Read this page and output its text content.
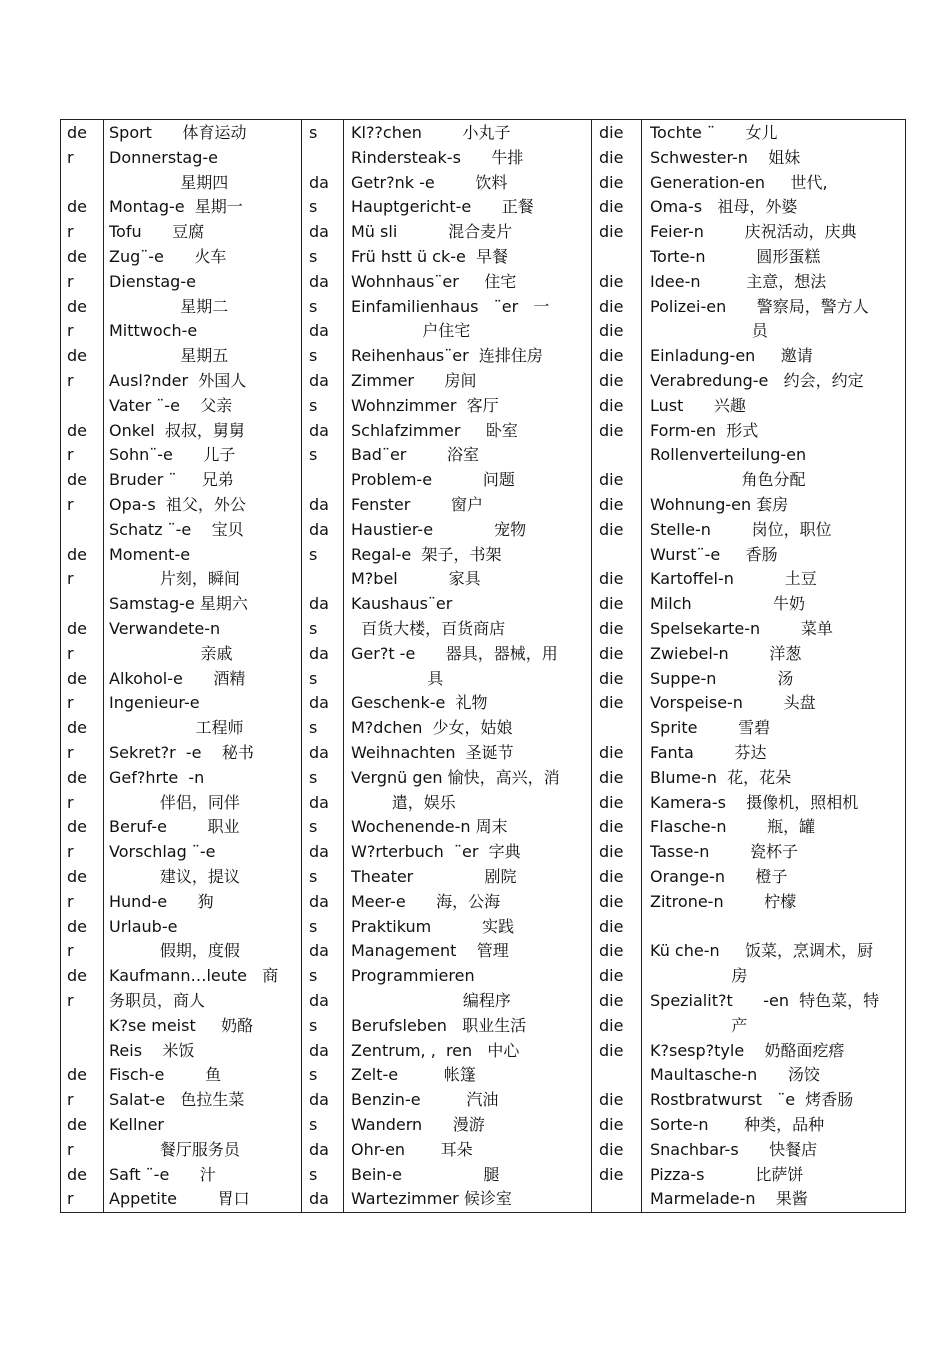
de
r
de
r
de
r
de
r
de
r
de
r
de
r
de
r
de
r
de
r
de
r
de
r
de
r
de
r
de
r
de
r
de
r
de
r
de
r
Sport      体育运动
Donnerstag-e
星期四
Montag-e  星期一
Tofu      豆腐
Zug¨-e      火车
Dienstag-e
星期二
Mittwoch-e
星期五
Ausl?nder  外国人
Vater ¨-e    父亲
Onkel  叔叔，舅舅
Sohn¨-e      儿子
Bruder ¨     兄弟
Opa-s  祖父，外公
Schatz ¨-e    宝贝
Moment-e
片刻，瞬间
Samstag-e 星期六
Verwandete-n
亲戚
Alkohol-e      酒精
Ingenieur-e
工程师
Sekret?r  -e    秘书
Gef?hrte  -n
伴侣，同伴
Beruf-e        职业
Vorschlag ¨-e
建议，提议
Hund-e      狗
Urlaub-e
假期，度假
Kaufmann…leute   商
务职员，商人
K?se meist     奶酪
Reis    米饭
Fisch-e        鱼
Salat-e   色拉生菜
Kellner
餐厅服务员
Saft ¨-e      汁
Appetite        胃口
s
da
s
da
s
da
s
da
s
da
s
da
s
da
da
s
da
s
da
s
da
s
da
s
da
s
da
s
da
s
da
s
da
s
da
s
da
s
da
s
da
Kl??chen        小丸子
Rindersteak-s      牛排
Getr?nk -e        饮料
Hauptgericht-e      正餐
Mü sli          混合麦片
Frü hstt ü ck-e  早餐
Wohnhaus¨er     住宅
Einfamilienhaus   ¨er   一
户住宅
Reihenhaus¨er  连排住房
Zimmer      房间
Wohnzimmer  客厅
Schlafzimmer     卧室
Bad¨er        浴室
Problem-e          问题
Fenster        窗户
Haustier-e            宠物
Regal-e  架子，书架
M?bel          家具
Kaushaus¨er
百货大楼，百货商店
Ger?t -e      器具，器械，用
具
Geschenk-e  礼物
M?dchen  少女，姑娘
Weihnachten  圣诞节
Vergnü gen 愉快，高兴，消
遣，娱乐
Wochenende-n 周末
W?rterbuch  ¨er  字典
Theater              剧院
Meer-e      海，公海
Praktikum          实践
Management    管理
Programmieren
编程序
Berufsleben   职业生活
Zentrum, ,  ren   中心
Zelt-e         帐篷
Benzin-e         汽油
Wandern      漫游
Ohr-en       耳朵
Bein-e                腿
Wartezimmer 候诊室
die
die
die
die
die
die
die
die
die
die
die
die
die
die
die
die
die
die
die
die
die
die
die
die
die
die
die
die
die
die
die
die
die
die
die
die
die
die
Tochte ¨      女儿
Schwester-n    姐妹
Generation-en     世代,
Oma-s   祖母，外婆
Feier-n        庆祝活动，庆典
Torte-n          圆形蛋糕
Idee-n         主意，想法
Polizei-en      警察局，警方人
员
Einladung-en     邀请
Verabredung-e   约会，约定
Lust      兴趣
Form-en  形式
Rollenverteilung-en
角色分配
Wohnung-en 套房
Stelle-n        岗位，职位
Wurst¨-e     香肠
Kartoffel-n          土豆
Milch                牛奶
Spelsekarte-n        菜单
Zwiebel-n        洋葱
Suppe-n            汤
Vorspeise-n        头盘
Sprite        雪碧
Fanta        芬达
Blume-n  花，花朵
Kamera-s    摄像机，照相机
Flasche-n        瓶，罐
Tasse-n        瓷杯子
Orange-n      橙子
Zitrone-n        柠檬
Kü che-n     饭菜，烹调术，厨
房
Spezialit?t      -en  特色菜，特
产
K?sesp?tyle    奶酪面疙瘩
Maultasche-n      汤饺
Rostbratwurst   ¨e  烤香肠
Sorte-n       种类，品种
Snachbar-s      快餐店
Pizza-s          比萨饼
Marmelade-n    果酱
